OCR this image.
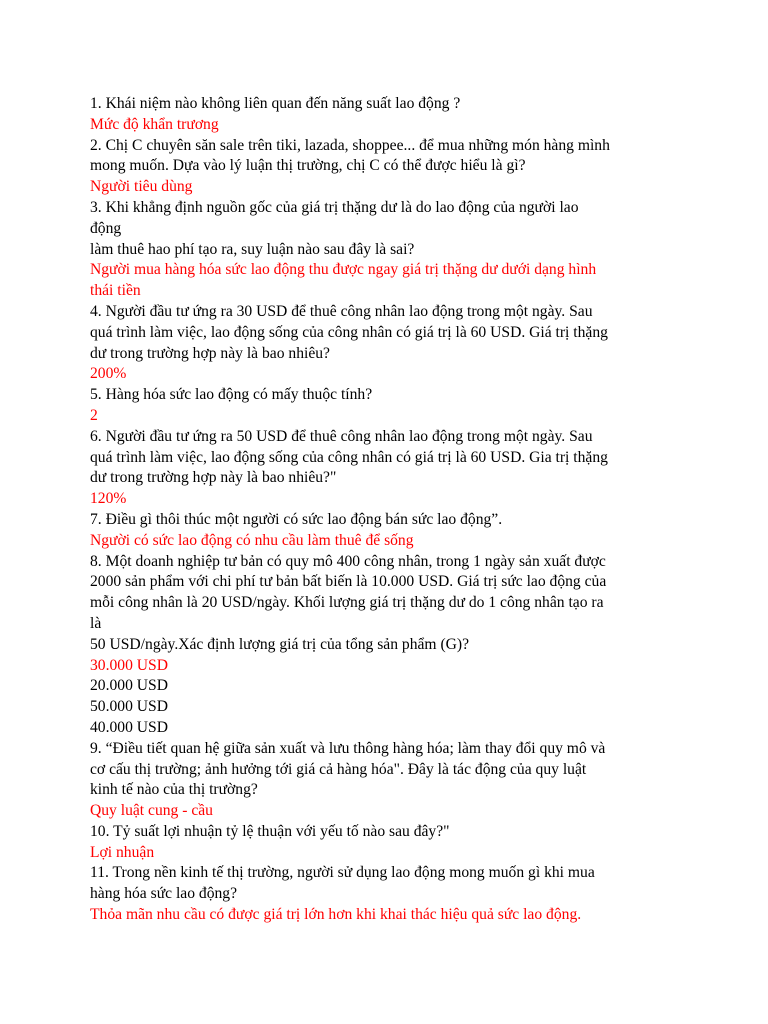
1. Khái niệm nào không liên quan đến năng suất lao động ?
Mức độ khẩn trương
2. Chị C chuyên săn sale trên tiki, lazada, shoppee... để mua những món hàng mình
mong muốn. Dựa vào lý luận thị trường, chị C có thể được hiểu là gì?
Người tiêu dùng
3. Khi khẳng định nguồn gốc của giá trị thặng dư là do lao động của người lao
động
làm thuê hao phí tạo ra, suy luận nào sau đây là sai?
Người mua hàng hóa sức lao động thu được ngay giá trị thặng dư dưới dạng hình
thái tiền
4. Người đầu tư ứng ra 30 USD để thuê công nhân lao động trong một ngày. Sau
quá trình làm việc, lao động sống của công nhân có giá trị là 60 USD. Giá trị thặng
dư trong trường hợp này là bao nhiêu?
200%
5. Hàng hóa sức lao động có mấy thuộc tính?
2
6. Người đầu tư ứng ra 50 USD để thuê công nhân lao động trong một ngày. Sau
quá trình làm việc, lao động sống của công nhân có giá trị là 60 USD. Gia trị thặng
dư trong trường hợp này là bao nhiêu?"
120%
7. Điều gì thôi thúc một người có sức lao động bán sức lao động”.
Người có sức lao động có nhu cầu làm thuê để sống
8. Một doanh nghiệp tư bản có quy mô 400 công nhân, trong 1 ngày sản xuất được
2000 sản phẩm với chi phí tư bản bất biến là 10.000 USD. Giá trị sức lao động của
mỗi công nhân là 20 USD/ngày. Khối lượng giá trị thặng dư do 1 công nhân tạo ra
là
50 USD/ngày.Xác định lượng giá trị của tổng sản phẩm (G)?
30.000 USD
20.000 USD
50.000 USD
40.000 USD
9. “Điều tiết quan hệ giữa sản xuất và lưu thông hàng hóa; làm thay đổi quy mô và
cơ cấu thị trường; ảnh hưởng tới giá cả hàng hóa". Đây là tác động của quy luật
kinh tế nào của thị trường?
Quy luật cung - cầu
10. Tỷ suất lợi nhuận tỷ lệ thuận với yếu tố nào sau đây?"
Lợi nhuận
11. Trong nền kinh tế thị trường, người sử dụng lao động mong muốn gì khi mua
hàng hóa sức lao động?
Thỏa mãn nhu cầu có được giá trị lớn hơn khi khai thác hiệu quả sức lao động.
